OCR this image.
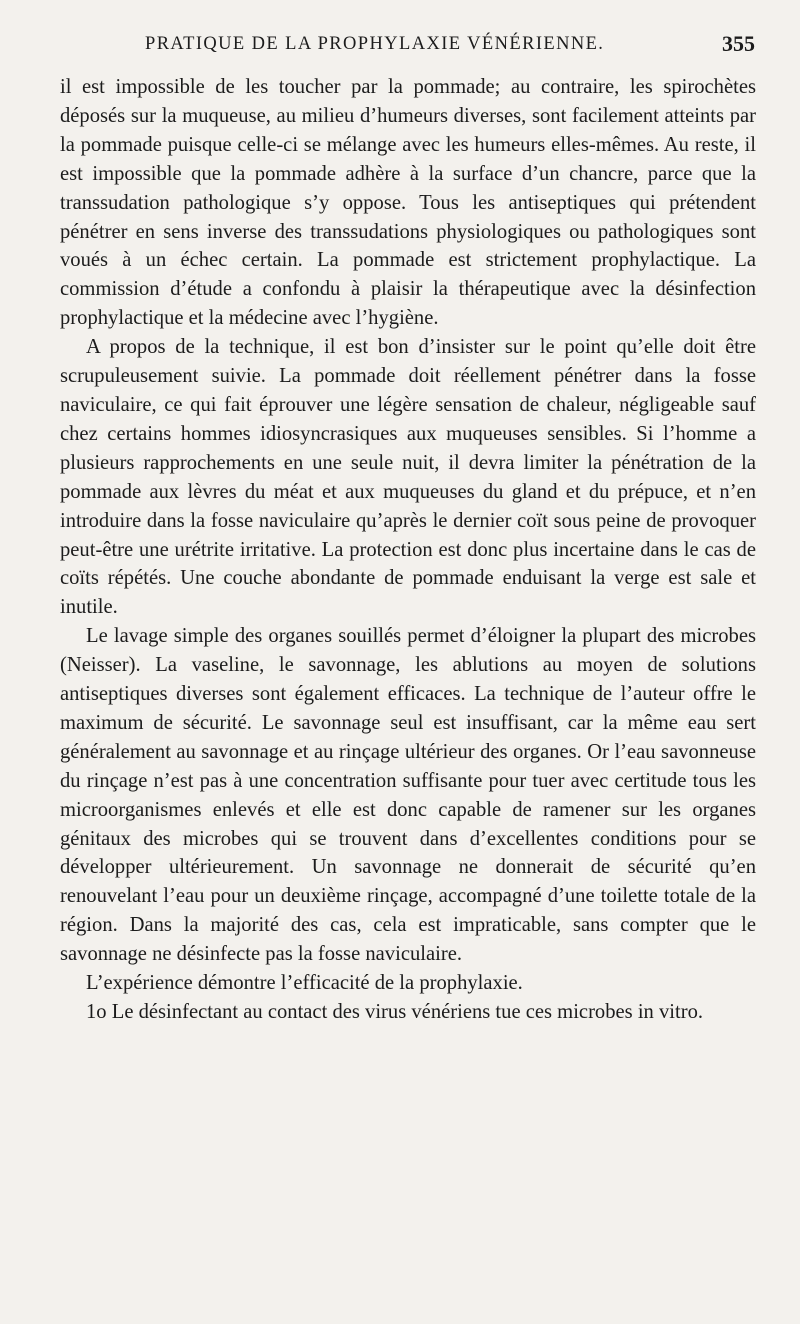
PRATIQUE DE LA PROPHYLAXIE VÉNÉRIENNE.	355

il est impossible de les toucher par la pommade; au contraire, les spirochètes déposés sur la muqueuse, au milieu d’humeurs diverses, sont facilement atteints par la pommade puisque celle-ci se mélange avec les humeurs elles-mêmes. Au reste, il est impossible que la pommade adhère à la surface d’un chancre, parce que la transsudation pathologique s’y oppose. Tous les antiseptiques qui prétendent pénétrer en sens inverse des transsudations physiologiques ou pathologiques sont voués à un échec certain. La pommade est strictement prophylactique. La commission d’étude a confondu à plaisir la thérapeutique avec la désinfection prophylactique et la médecine avec l’hygiène.

A propos de la technique, il est bon d’insister sur le point qu’elle doit être scrupuleusement suivie. La pommade doit réellement pénétrer dans la fosse naviculaire, ce qui fait éprouver une légère sensation de chaleur, négligeable sauf chez certains hommes idiosyncrasiques aux muqueuses sensibles. Si l’homme a plusieurs rapprochements en une seule nuit, il devra limiter la pénétration de la pommade aux lèvres du méat et aux muqueuses du gland et du prépuce, et n’en introduire dans la fosse naviculaire qu’après le dernier coït sous peine de provoquer peut-être une urétrite irritative. La protection est donc plus incertaine dans le cas de coïts répétés. Une couche abondante de pommade enduisant la verge est sale et inutile.

Le lavage simple des organes souillés permet d’éloigner la plupart des microbes (Neisser). La vaseline, le savonnage, les ablutions au moyen de solutions antiseptiques diverses sont également efficaces. La technique de l’auteur offre le maximum de sécurité. Le savonnage seul est insuffisant, car la même eau sert généralement au savonnage et au rinçage ultérieur des organes. Or l’eau savonneuse du rinçage n’est pas à une concentration suffisante pour tuer avec certitude tous les microorganismes enlevés et elle est donc capable de ramener sur les organes génitaux des microbes qui se trouvent dans d’excellentes conditions pour se développer ultérieurement. Un savonnage ne donnerait de sécurité qu’en renouvelant l’eau pour un deuxième rinçage, accompagné d’une toilette totale de la région. Dans la majorité des cas, cela est impraticable, sans compter que le savonnage ne désinfecte pas la fosse naviculaire.

L’expérience démontre l’efficacité de la prophylaxie.

1o Le désinfectant au contact des virus vénériens tue ces microbes in vitro.
